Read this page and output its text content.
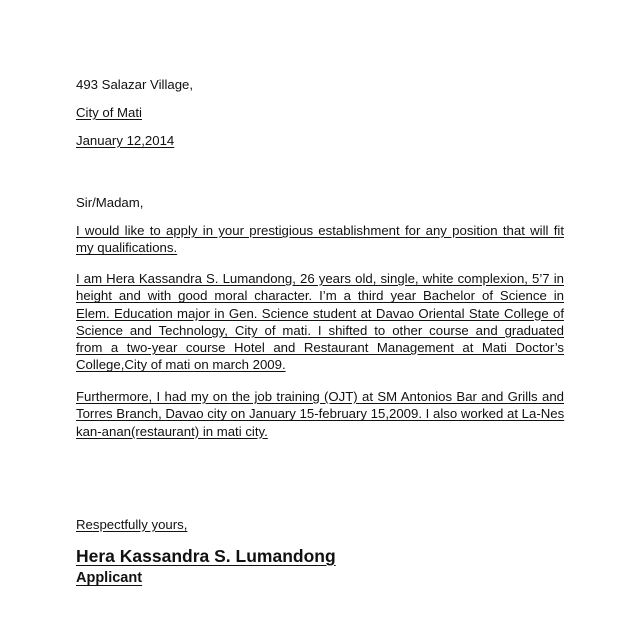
493 Salazar Village,
City of Mati
January 12,2014
Sir/Madam,
I would like to apply in your prestigious establishment for any position that will fit
my qualifications.
I am Hera Kassandra S. Lumandong, 26 years old, single, white complexion, 5’7 in
height and with good moral character. I’m a third year Bachelor of Science in
Elem. Education major in Gen. Science student at Davao Oriental State College of
Science and Technology, City of mati. I shifted to other course and graduated
from a two-year course Hotel and Restaurant Management at Mati Doctor’s
College,City of mati on march 2009.
Furthermore, I had my on the job training (OJT) at SM Antonios Bar and Grills and
Torres Branch, Davao city on January 15-february 15,2009. I also worked at La-Nes
kan-anan(restaurant) in mati city.
Respectfully yours,
Hera Kassandra S. Lumandong
Applicant
